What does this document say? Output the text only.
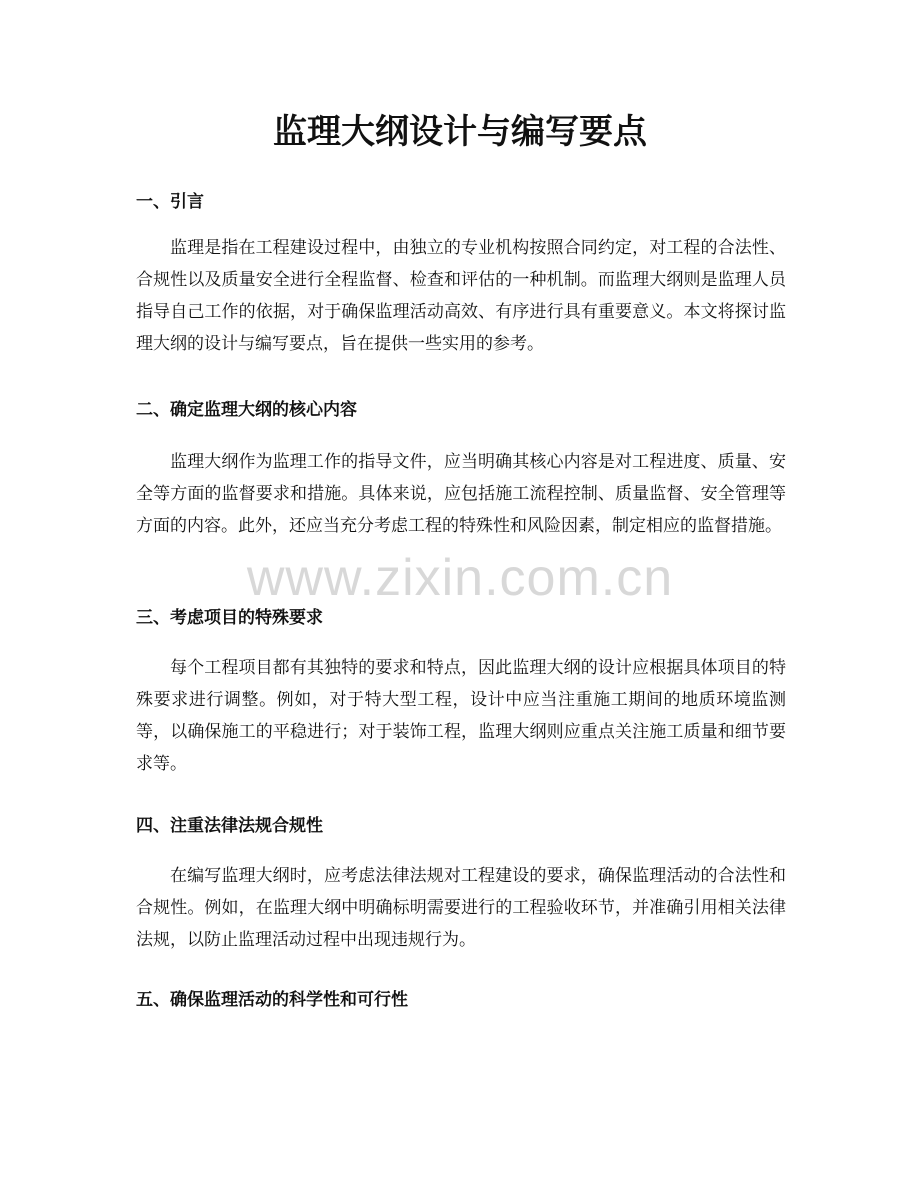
监理大纲设计与编写要点
一、引言

监理是指在工程建设过程中，由独立的专业机构按照合同约定，对工程的合法性、合规性以及质量安全进行全程监督、检查和评估的一种机制。而监理大纲则是监理人员指导自己工作的依据，对于确保监理活动高效、有序进行具有重要意义。本文将探讨监理大纲的设计与编写要点，旨在提供一些实用的参考。

二、确定监理大纲的核心内容

监理大纲作为监理工作的指导文件，应当明确其核心内容是对工程进度、质量、安全等方面的监督要求和措施。具体来说，应包括施工流程控制、质量监督、安全管理等方面的内容。此外，还应当充分考虑工程的特殊性和风险因素，制定相应的监督措施。

三、考虑项目的特殊要求

每个工程项目都有其独特的要求和特点，因此监理大纲的设计应根据具体项目的特殊要求进行调整。例如，对于特大型工程，设计中应当注重施工期间的地质环境监测等，以确保施工的平稳进行；对于装饰工程，监理大纲则应重点关注施工质量和细节要求等。

四、注重法律法规合规性

在编写监理大纲时，应考虑法律法规对工程建设的要求，确保监理活动的合法性和合规性。例如，在监理大纲中明确标明需要进行的工程验收环节，并准确引用相关法律法规，以防止监理活动过程中出现违规行为。

五、确保监理活动的科学性和可行性
www.zixin.com.cn
